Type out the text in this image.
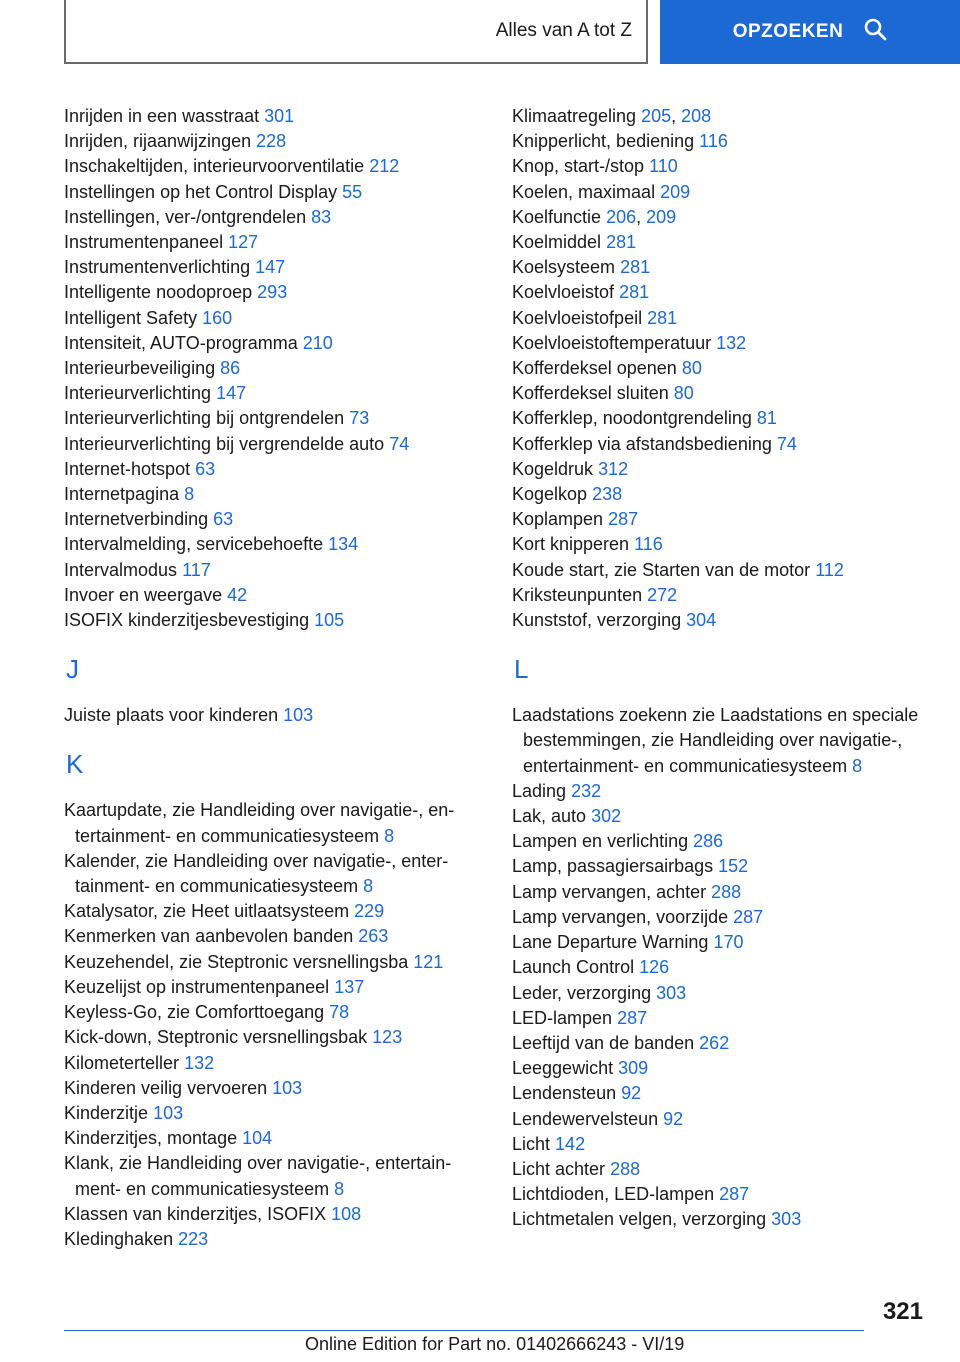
Alles van A tot Z	OPZOEKEN
Inrijden in een wasstraat 301
Inrijden, rijaanwijzingen 228
Inschakeltijden, interieurvoorventilatie 212
Instellingen op het Control Display 55
Instellingen, ver-/ontgrendelen 83
Instrumentenpaneel 127
Instrumentenverlichting 147
Intelligente noodoproep 293
Intelligent Safety 160
Intensiteit, AUTO-programma 210
Interieurbeveiliging 86
Interieurverlichting 147
Interieurverlichting bij ontgrendelen 73
Interieurverlichting bij vergrendelde auto 74
Internet-hotspot 63
Internetpagina 8
Internetverbinding 63
Intervalmelding, servicebehoefte 134
Intervalmodus 117
Invoer en weergave 42
ISOFIX kinderzitjesbevestiging 105
J
Juiste plaats voor kinderen 103
K
Kaartupdate, zie Handleiding over navigatie-, entertainment- en communicatiesysteem 8
Kalender, zie Handleiding over navigatie-, entertainment- en communicatiesysteem 8
Katalysator, zie Heet uitlaatsysteem 229
Kenmerken van aanbevolen banden 263
Keuzehendel, zie Steptronic versnellingsba 121
Keuzelijst op instrumentenpaneel 137
Keyless-Go, zie Comforttoegang 78
Kick-down, Steptronic versnellingsbak 123
Kilometerteller 132
Kinderen veilig vervoeren 103
Kinderzitje 103
Kinderzitjes, montage 104
Klank, zie Handleiding over navigatie-, entertainment- en communicatiesysteem 8
Klassen van kinderzitjes, ISOFIX 108
Kledinghaken 223
Klimaatregeling 205, 208
Knipperlicht, bediening 116
Knop, start-/stop 110
Koelen, maximaal 209
Koelfunctie 206, 209
Koelmiddel 281
Koelsysteem 281
Koelvloeistof 281
Koelvloeistofpeil 281
Koelvloeistoftemperatuur 132
Kofferdeksel openen 80
Kofferdeksel sluiten 80
Kofferklep, noodontgrendeling 81
Kofferklep via afstandsbediening 74
Kogeldruk 312
Kogelkop 238
Koplampen 287
Kort knipperen 116
Koude start, zie Starten van de motor 112
Kriksteunpunten 272
Kunststof, verzorging 304
L
Laadstations zoekenn zie Laadstations en speciale bestemmingen, zie Handleiding over navigatie-, entertainment- en communicatiesysteem 8
Lading 232
Lak, auto 302
Lampen en verlichting 286
Lamp, passagiersairbags 152
Lamp vervangen, achter 288
Lamp vervangen, voorzijde 287
Lane Departure Warning 170
Launch Control 126
Leder, verzorging 303
LED-lampen 287
Leeftijd van de banden 262
Leeggewicht 309
Lendensteun 92
Lendewervelsteun 92
Licht 142
Licht achter 288
Lichtdioden, LED-lampen 287
Lichtmetalen velgen, verzorging 303
321
Online Edition for Part no. 01402666243 - VI/19
